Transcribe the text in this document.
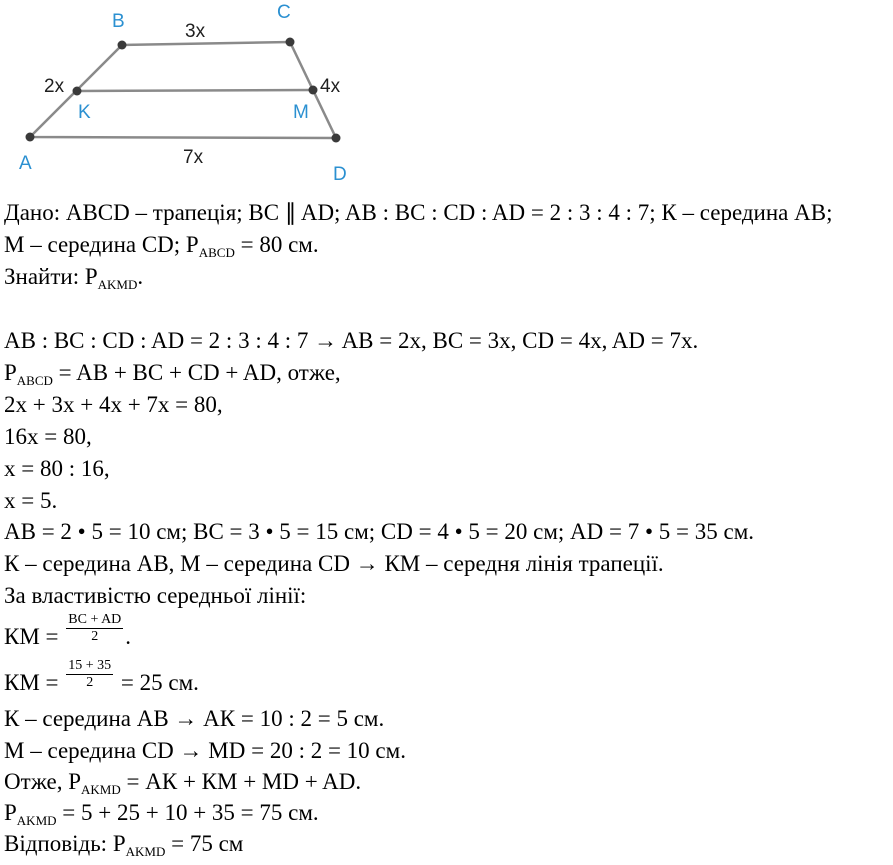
B	C
K	M
A
D
2x
3x
4x
7x
Дано: ABCD – трапеція; BC ∥ AD; AB : BC : CD : AD = 2 : 3 : 4 : 7; К – середина AB;
M – середина CD; $P_{ABCD} = 80$ см.
Знайти: $P_{AKMD}$.
AB : BC : CD : AD = 2 : 3 : 4 : 7 → AB = 2x, BC = 3x, CD = 4x, AD = 7x.
$P_{ABCD}$ = AB + BC + CD + AD, отже,
2x + 3x + 4x + 7x = 80,
16x = 80,
x = 80 : 16,
x = 5.
AB = 2 • 5 = 10 см; BC = 3 • 5 = 15 см; CD = 4 • 5 = 20 см; AD = 7 • 5 = 35 см.
К – середина AB, M – середина CD → КМ – середня лінія трапеції.
За властивістю середньої лінії:
КМ = $\frac{BC + AD}{2}$ .
КМ = $\frac{15 + 35}{2} = 25$ см.
К – середина AB → АК = 10 : 2 = 5 см.
M – середина CD → MD = 20 : 2 = 10 см.
Отже, $P_{AKMD}$ = АК + КМ + MD + AD.
$P_{AKMD} = 5 + 25 + 10 + 35 = 75$ см.
Відповідь: $P_{AKMD} = 75$ см
